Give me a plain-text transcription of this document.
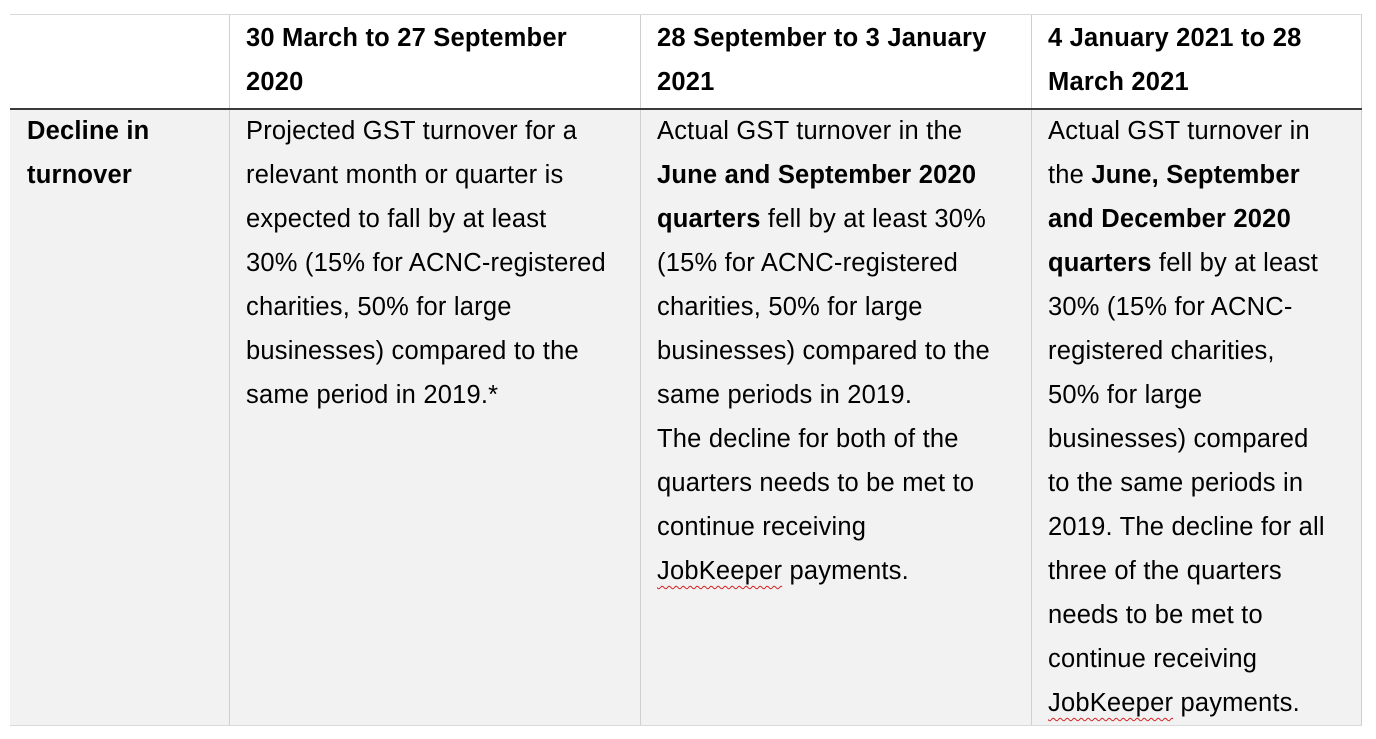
30 March to 27 September
2020
28 September to 3 January
2021
4 January 2021 to 28
March 2021
Decline in
turnover
Projected GST turnover for a
relevant month or quarter is
expected to fall by at least
30% (15% for ACNC-registered
charities, 50% for large
businesses) compared to the
same period in 2019.*
Actual GST turnover in the
June and September 2020
quarters fell by at least 30%
(15% for ACNC-registered
charities, 50% for large
businesses) compared to the
same periods in 2019.
The decline for both of the
quarters needs to be met to
continue receiving
JobKeeper payments.
Actual GST turnover in
the June, September
and December 2020
quarters fell by at least
30% (15% for ACNC-
registered charities,
50% for large
businesses) compared
to the same periods in
2019. The decline for all
three of the quarters
needs to be met to
continue receiving
JobKeeper payments.
